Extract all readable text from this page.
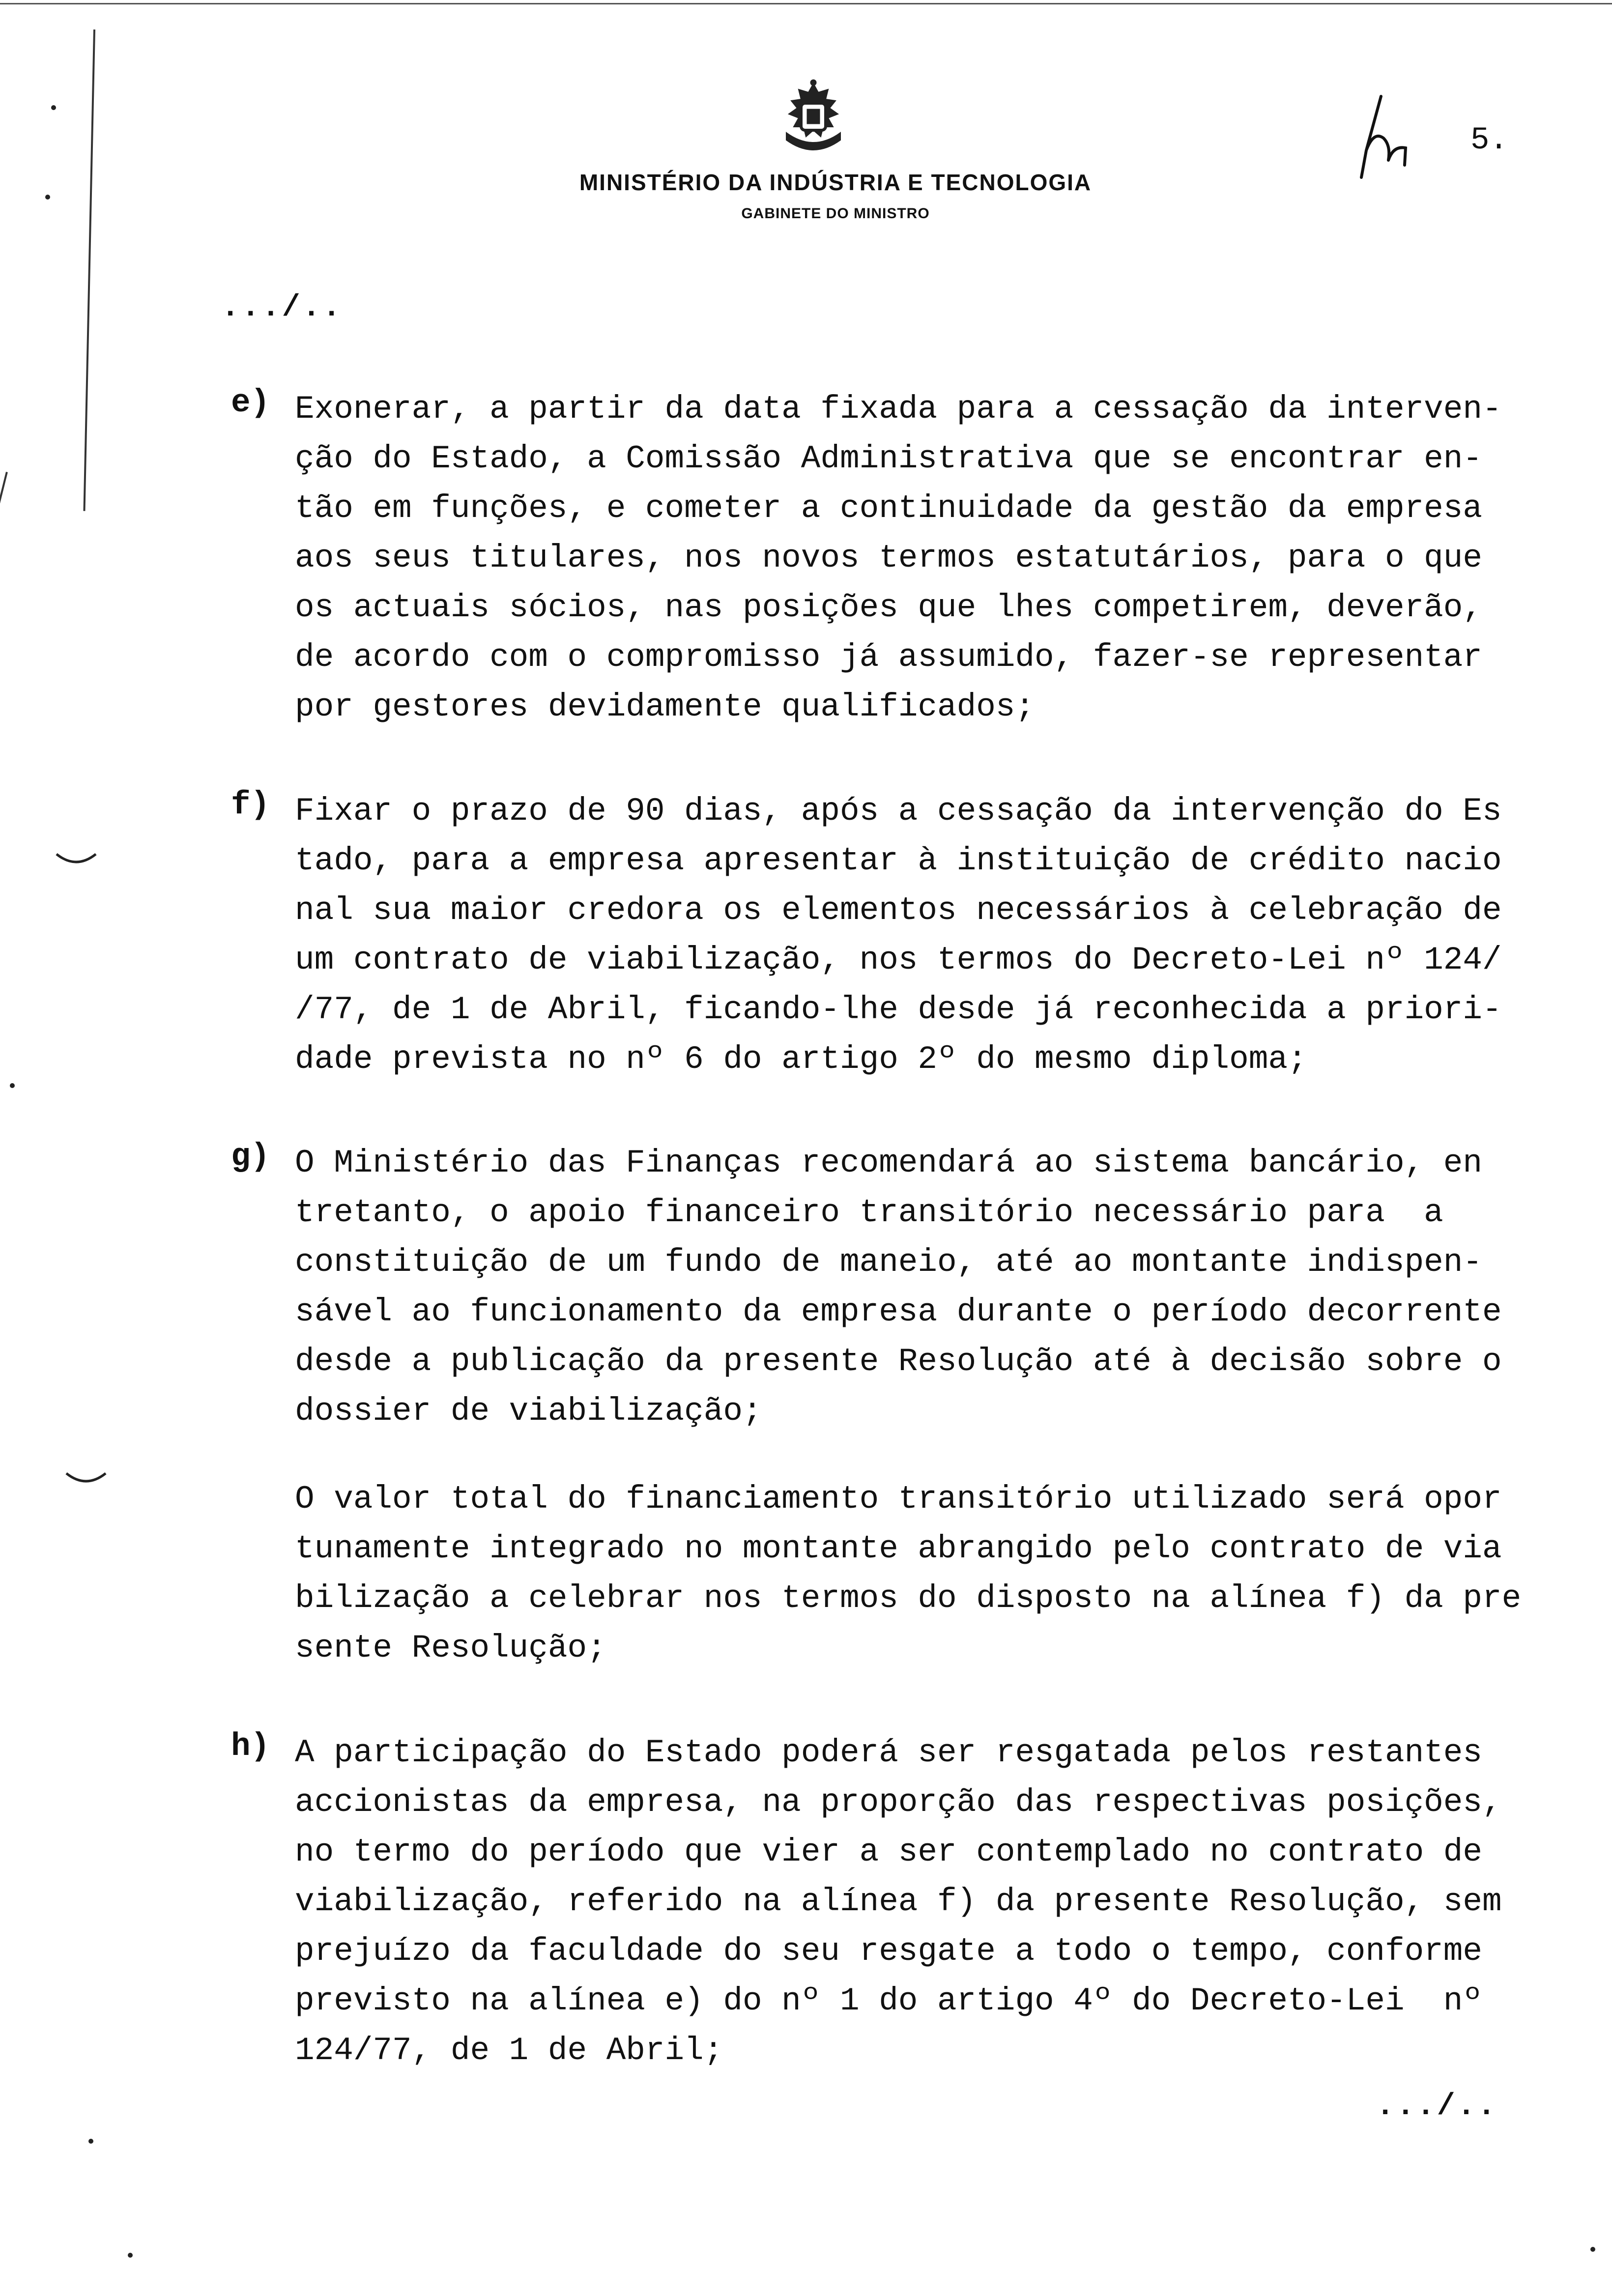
MINISTÉRIO DA INDÚSTRIA E TECNOLOGIA
GABINETE DO MINISTRO
5.
.../..
e) Exonerar, a partir da data fixada para a cessação da interven-
ção do Estado, a Comissão Administrativa que se encontrar en-
tão em funções, e cometer a continuidade da gestão da empresa
aos seus titulares, nos novos termos estatutários, para o que
os actuais sócios, nas posições que lhes competirem, deverão,
de acordo com o compromisso já assumido, fazer-se representar
por gestores devidamente qualificados;
f) Fixar o prazo de 90 dias, após a cessação da intervenção do Es
tado, para a empresa apresentar à instituição de crédito nacio
nal sua maior credora os elementos necessários à celebração de
um contrato de viabilização, nos termos do Decreto-Lei nº 124/
/77, de 1 de Abril, ficando-lhe desde já reconhecida a priori-
dade prevista no nº 6 do artigo 2º do mesmo diploma;
g) O Ministério das Finanças recomendará ao sistema bancário, en
tretanto, o apoio financeiro transitório necessário para  a
constituição de um fundo de maneio, até ao montante indispen-
sável ao funcionamento da empresa durante o período decorrente
desde a publicação da presente Resolução até à decisão sobre o
dossier de viabilização;
O valor total do financiamento transitório utilizado será opor
tunamente integrado no montante abrangido pelo contrato de via
bilização a celebrar nos termos do disposto na alínea f) da pre
sente Resolução;
h) A participação do Estado poderá ser resgatada pelos restantes
accionistas da empresa, na proporção das respectivas posições,
no termo do período que vier a ser contemplado no contrato de
viabilização, referido na alínea f) da presente Resolução, sem
prejuízo da faculdade do seu resgate a todo o tempo, conforme
previsto na alínea e) do nº 1 do artigo 4º do Decreto-Lei  nº
124/77, de 1 de Abril;
.../..
